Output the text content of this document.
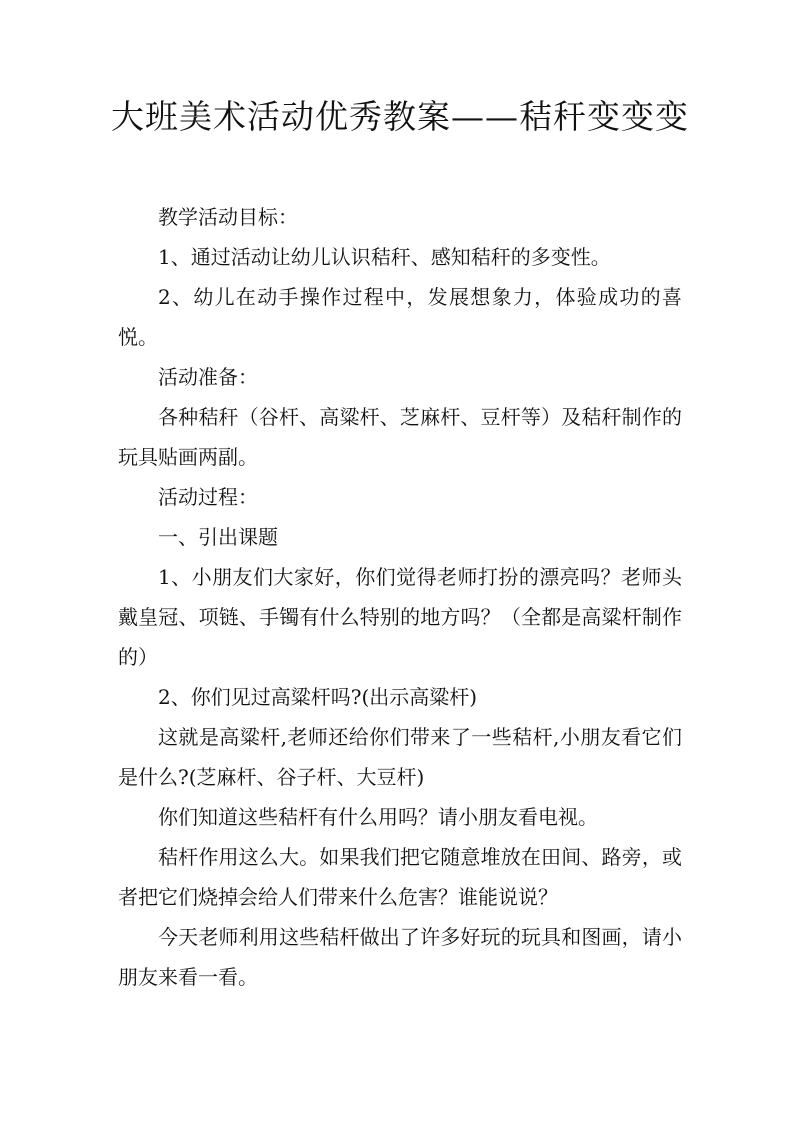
大班美术活动优秀教案——秸秆变变变

教学活动目标：

1、通过活动让幼儿认识秸秆、感知秸秆的多变性。

2、幼儿在动手操作过程中，发展想象力，体验成功的喜悦。

活动准备：

各种秸秆（谷杆、高粱杆、芝麻杆、豆杆等）及秸秆制作的玩具贴画两副。

活动过程：

一、引出课题

1、小朋友们大家好，你们觉得老师打扮的漂亮吗？老师头戴皇冠、项链、手镯有什么特别的地方吗？（全都是高粱杆制作的）

2、你们见过高粱杆吗?(出示高粱杆)

这就是高粱杆,老师还给你们带来了一些秸杆,小朋友看它们是什么?(芝麻杆、谷子杆、大豆杆)

你们知道这些秸杆有什么用吗？请小朋友看电视。

秸杆作用这么大。如果我们把它随意堆放在田间、路旁，或者把它们烧掉会给人们带来什么危害？谁能说说？

今天老师利用这些秸杆做出了许多好玩的玩具和图画，请小朋友来看一看。
